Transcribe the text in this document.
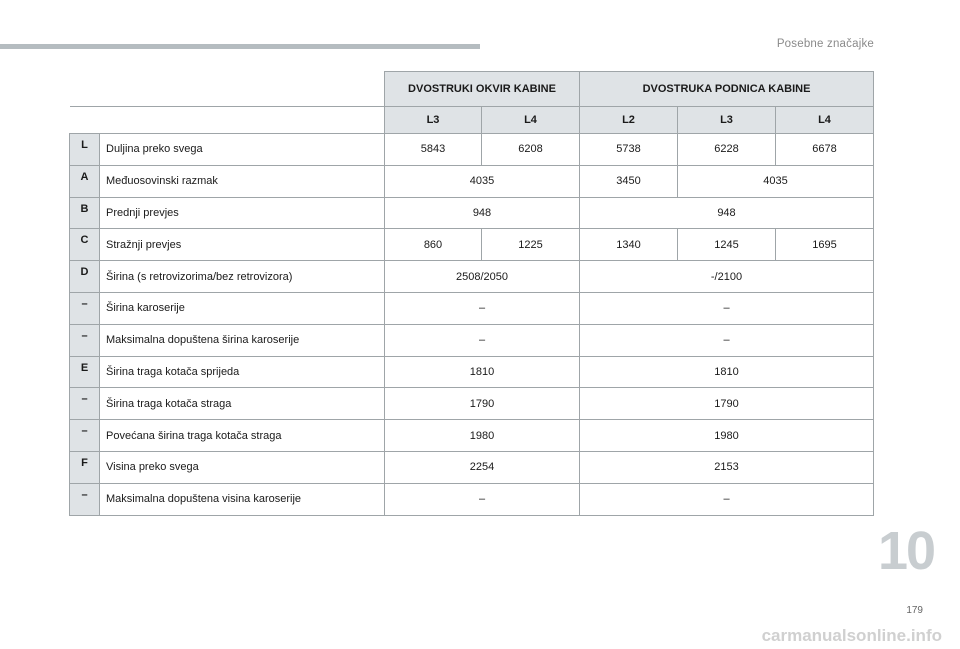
Posebne značajke
		DVOSTRUKI OKVIR KABINE		DVOSTRUKA PODNICA KABINE		
		L3	L4	L2	L3	L4
L	Duljina preko svega	5843	6208	5738	6228	6678
A	Međuosovinski razmak	4035		3450	4035	
B	Prednji prevjes	948		948		
C	Stražnji prevjes	860	1225	1340	1245	1695
D	Širina (s retrovizorima/bez retrovizora)	2508/2050		-/2100		
–	Širina karoserije	–		–		
–	Maksimalna dopuštena širina karoserije	–		–		
E	Širina traga kotača sprijeda	1810		1810		
–	Širina traga kotača straga	1790		1790		
–	Povećana širina traga kotača straga	1980		1980		
F	Visina preko svega	2254		2153		
–	Maksimalna dopuštena visina karoserije	–		–		
10
179
carmanualsonline.info
